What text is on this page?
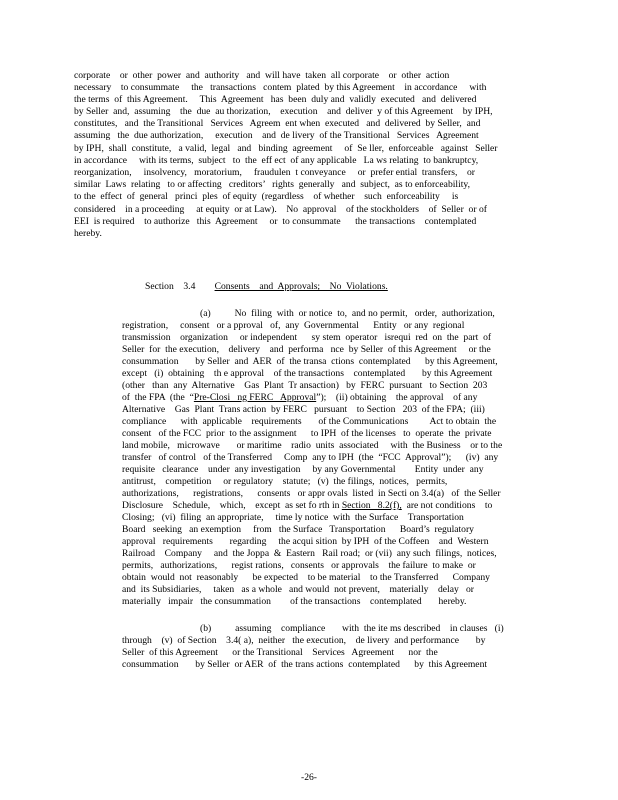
corporate    or  other  power  and  authority   and  will have  taken  all corporate    or  other  action
necessary    to consummate     the   transactions   contem  plated  by this Agreement    in accordance     with
the terms  of  this Agreement.     This  Agreement   has  been  duly and  validly  executed   and  delivered
by Seller  and,  assuming    the  due  au thorization,    execution    and  deliver  y of this Agreement    by IPH,
constitutes,   and  the Transitional   Services   Agreem  ent when  executed   and  delivered  by Seller,  and
assuming   the  due authorization,     execution    and  de livery  of the Transitional   Services   Agreement
by IPH,  shall  constitute,   a valid,  legal   and   binding  agreement     of  Se ller,  enforceable   against   Seller
in accordance     with its terms,  subject   to  the  eff ect  of any applicable   La ws relating  to bankruptcy,
reorganization,     insolvency,   moratorium,     fraudulen  t conveyance     or  prefer ential  transfers,    or
similar  Laws  relating   to or affecting   creditors’   rights  generally   and  subject,  as to enforceability,
to the  effect  of  general   princi  ples  of equity  (regardless    of whether    such  enforceability     is
considered    in a proceeding     at equity  or at Law).    No  approval    of the stockholders    of  Seller  or of
EEI  is required    to authorize   this  Agreement     or  to consummate      the transactions    contemplated
hereby.
Section    3.4 Consents    and  Approvals;    No  Violations.
(a)          No  filing  with  or notice  to,  and no permit,   order,  authorization,
registration,     consent   or a pproval   of,  any  Governmental      Entity   or any  regional
transmission    organization     or independent      sy stem  operator   isrequi  red  on  the  part  of
Seller  for  the execution,    delivery    and  performa   nce  by Seller  of this Agreement     or the
consummation       by Seller  and  AER  of  the transa  ctions  contemplated      by this Agreement,
except   (i)  obtaining    th e approval    of the transactions    contemplated       by this Agreement
(other   than  any  Alternative    Gas  Plant  Tr ansaction)   by  FERC  pursuant   to Section  203
of  the FPA  (the  “Pre-Closi   ng FERC   Approval”);    (ii) obtaining    the approval    of any
Alternative    Gas  Plant  Trans action  by FERC   pursuant    to Section   203  of the FPA;  (iii)
compliance      with  applicable    requirements       of the Communications         Act to obtain  the
consent   of the FCC  prior  to the assignment      to IPH  of the licenses   to  operate  the  private
land mobile,   microwave       or maritime    radio  units  associated     with  the Business    or to the
transfer   of control   of the Transferred     Comp  any to IPH  (the  “FCC  Approval”);      (iv)  any
requisite   clearance    under  any investigation     by any Governmental        Entity  under  any
antitrust,    competition     or regulatory    statute;   (v)  the filings,  notices,   permits,
authorizations,      registrations,      consents   or appr ovals  listed  in Secti on 3.4(a)   of  the Seller
Disclosure    Schedule,    which,    except  as set fo rth in Section   8.2(f),  are not conditions    to
Closing;   (vi)  filing  an appropriate,     time ly notice  with  the Surface    Transportation
Board   seeking   an exemption     from   the Surface   Transportation      Board’s  regulatory
approval   requirements       regarding     the acqui sition  by IPH  of the Coffeen    and  Western
Railroad    Company     and  the Joppa  &  Eastern   Rail road;  or (vii)  any such  filings,  notices,
permits,   authorizations,      regist rations,   consents   or approvals    the failure  to make  or
obtain  would  not  reasonably      be expected    to be material    to the Transferred      Company
and  its Subsidiaries,     taken   as a whole   and would  not prevent,    materially    delay   or
materially   impair   the consummation        of the transactions    contemplated       hereby.
(b)          assuming    compliance       with  the ite ms described    in clauses   (i)
through    (v)  of Section    3.4( a),  neither   the execution,    de livery  and performance       by
Seller  of this Agreement      or the Transitional    Services   Agreement      nor  the
consummation       by Seller  or AER  of  the trans actions  contemplated      by  this Agreement
-26-
